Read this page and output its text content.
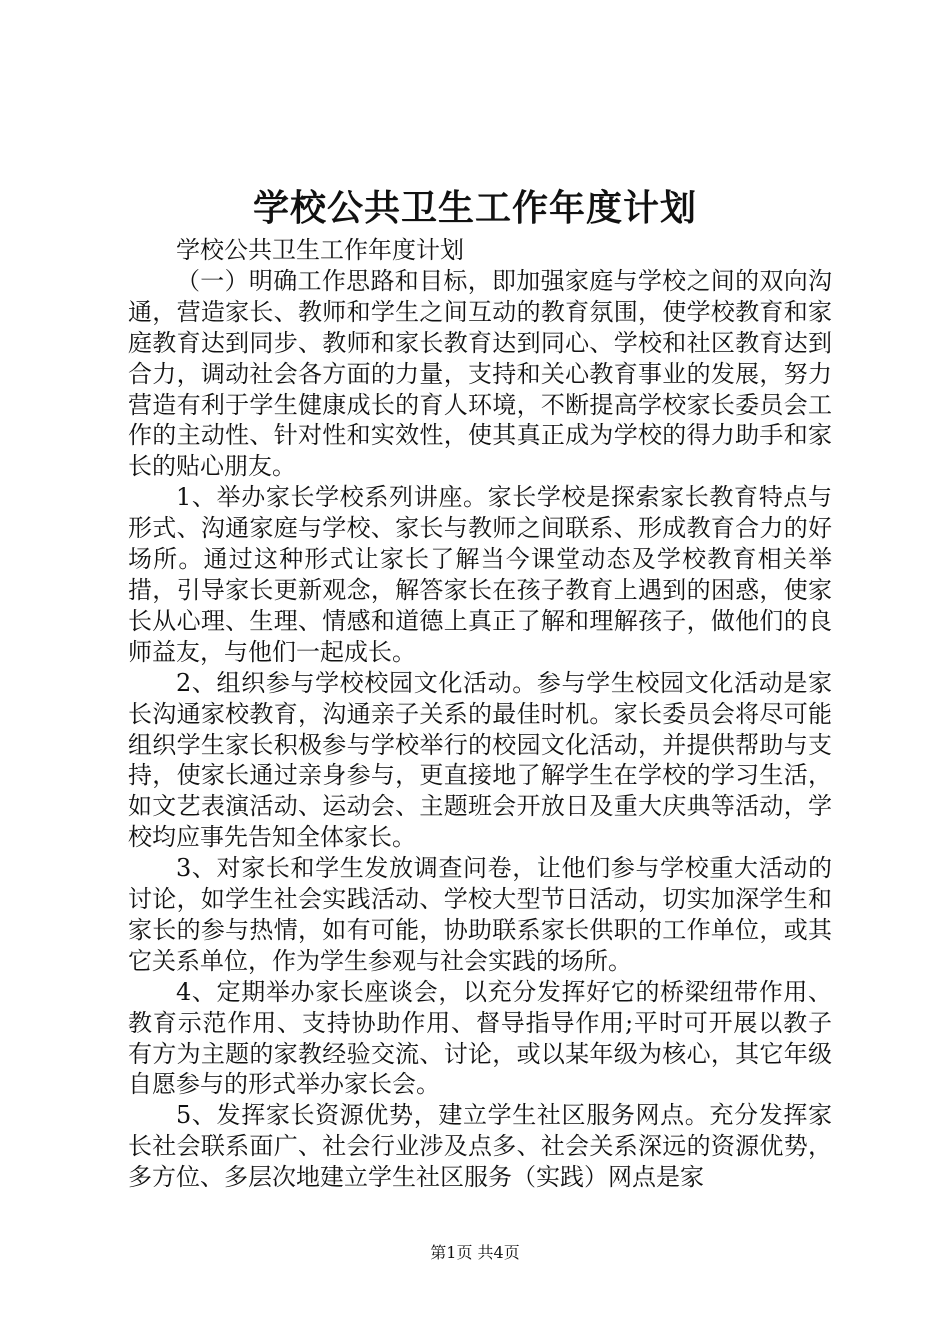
学校公共卫生工作年度计划

学校公共卫生工作年度计划

（一）明确工作思路和目标，即加强家庭与学校之间的双向沟通，营造家长、教师和学生之间互动的教育氛围，使学校教育和家庭教育达到同步、教师和家长教育达到同心、学校和社区教育达到合力，调动社会各方面的力量，支持和关心教育事业的发展，努力营造有利于学生健康成长的育人环境，不断提高学校家长委员会工作的主动性、针对性和实效性，使其真正成为学校的得力助手和家长的贴心朋友。

1、举办家长学校系列讲座。家长学校是探索家长教育特点与形式、沟通家庭与学校、家长与教师之间联系、形成教育合力的好场所。通过这种形式让家长了解当今课堂动态及学校教育相关举措，引导家长更新观念，解答家长在孩子教育上遇到的困惑，使家长从心理、生理、情感和道德上真正了解和理解孩子，做他们的良师益友，与他们一起成长。

2、组织参与学校校园文化活动。参与学生校园文化活动是家长沟通家校教育，沟通亲子关系的最佳时机。家长委员会将尽可能组织学生家长积极参与学校举行的校园文化活动，并提供帮助与支持，使家长通过亲身参与，更直接地了解学生在学校的学习生活，如文艺表演活动、运动会、主题班会开放日及重大庆典等活动，学校均应事先告知全体家长。

3、对家长和学生发放调查问卷，让他们参与学校重大活动的讨论，如学生社会实践活动、学校大型节日活动，切实加深学生和家长的参与热情，如有可能，协助联系家长供职的工作单位，或其它关系单位，作为学生参观与社会实践的场所。

4、定期举办家长座谈会，以充分发挥好它的桥梁纽带作用、教育示范作用、支持协助作用、督导指导作用;平时可开展以教子有方为主题的家教经验交流、讨论，或以某年级为核心，其它年级自愿参与的形式举办家长会。

5、发挥家长资源优势，建立学生社区服务网点。充分发挥家长社会联系面广、社会行业涉及点多、社会关系深远的资源优势，多方位、多层次地建立学生社区服务（实践）网点是家

第1页 共4页
